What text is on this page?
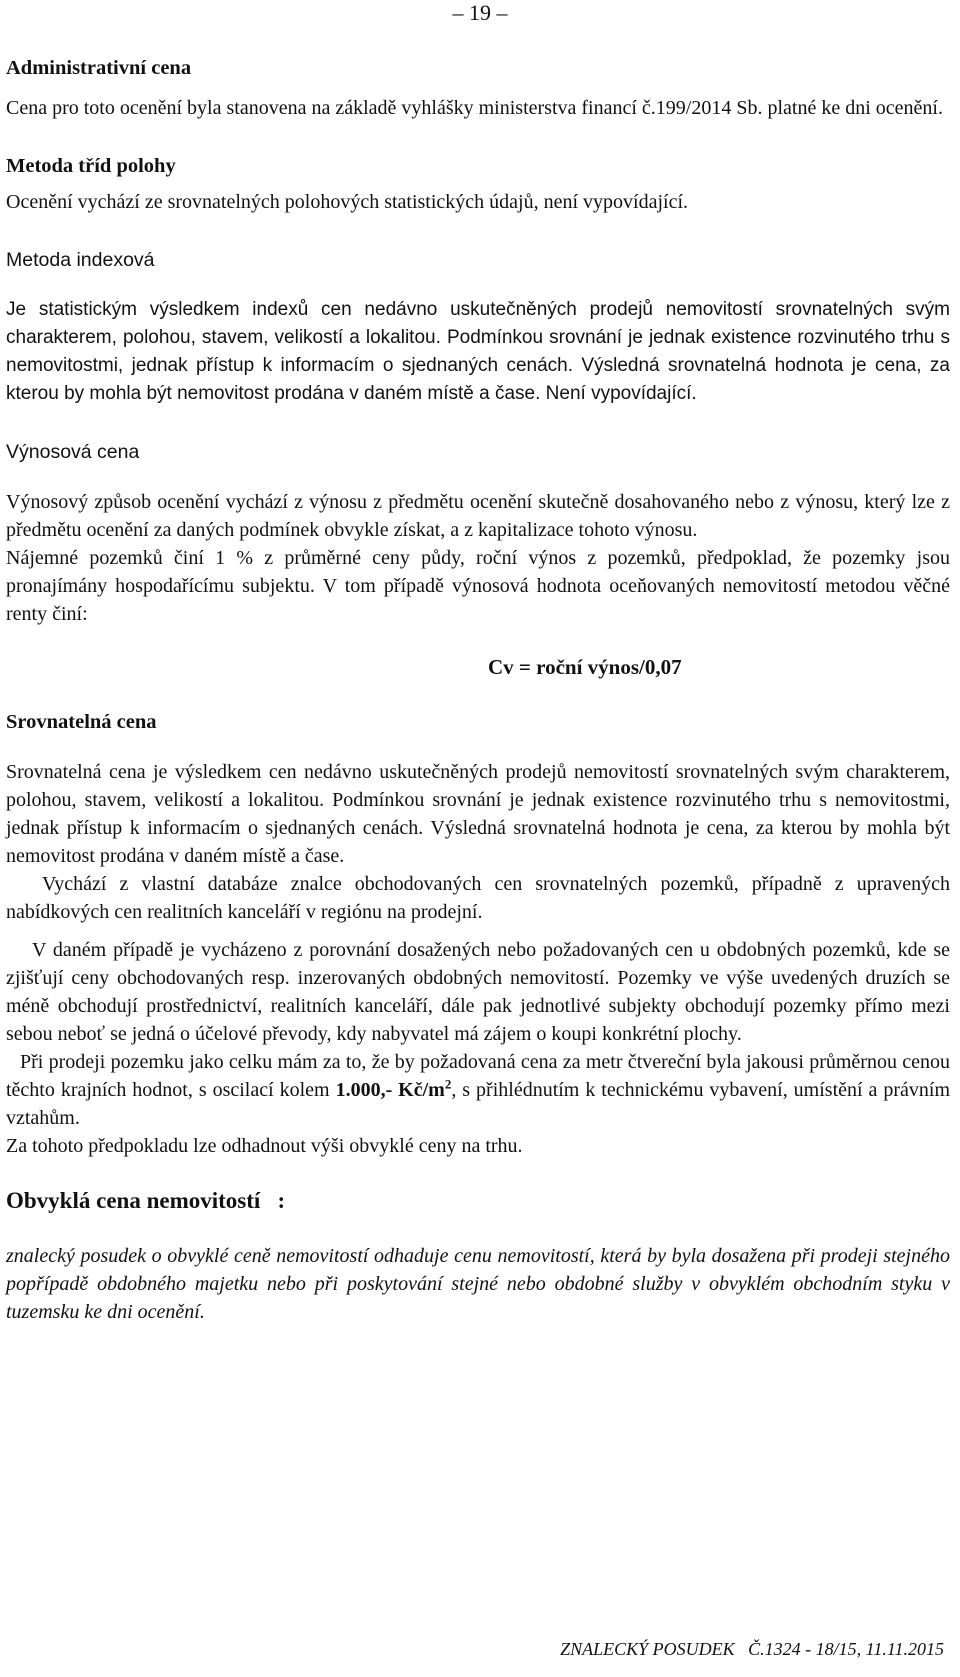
– 19 –
Administrativní cena

Cena pro toto ocenění byla stanovena na základě vyhlášky ministerstva financí č.199/2014 Sb. platné ke dni ocenění.

Metoda tříd polohy

Ocenění vychází ze srovnatelných polohových statistických údajů, není vypovídající.

Metoda indexová

Je statistickým výsledkem indexů cen nedávno uskutečněných prodejů nemovitostí srovnatelných svým charakterem, polohou, stavem, velikostí a lokalitou. Podmínkou srovnání je jednak existence rozvinutého trhu s nemovitostmi, jednak přístup k informacím o sjednaných cenách. Výsledná srovnatelná hodnota je cena, za kterou by mohla být nemovitost prodána v daném místě a čase. Není vypovídající.

Výnosová cena

Výnosový způsob ocenění vychází z výnosu z předmětu ocenění skutečně dosahovaného nebo z výnosu, který lze z předmětu ocenění za daných podmínek obvykle získat, a z kapitalizace tohoto výnosu.

Nájemné pozemků činí 1 % z průměrné ceny půdy, roční výnos z pozemků, předpoklad, že pozemky jsou pronajímány hospodařícímu subjektu. V tom případě výnosová hodnota oceňovaných nemovitostí metodou věčné renty činí:

Cv = roční výnos/0,07

Srovnatelná cena

Srovnatelná cena je výsledkem cen nedávno uskutečněných prodejů nemovitostí srovnatelných svým charakterem, polohou, stavem, velikostí a lokalitou. Podmínkou srovnání je jednak existence rozvinutého trhu s nemovitostmi, jednak přístup k informacím o sjednaných cenách. Výsledná srovnatelná hodnota je cena, za kterou by mohla být nemovitost prodána v daném místě a čase.

Vychází z vlastní databáze znalce obchodovaných cen srovnatelných pozemků, případně z upravených nabídkových cen realitních kanceláří v regiónu na prodejní.

V daném případě je vycházeno z porovnání dosažených nebo požadovaných cen u obdobných pozemků, kde se zjišťují ceny obchodovaných resp. inzerovaných obdobných nemovitostí. Pozemky ve výše uvedených druzích se méně obchodují prostřednictví, realitních kanceláří, dále pak jednotlivé subjekty obchodují pozemky přímo mezi sebou neboť se jedná o účelové převody, kdy nabyvatel má zájem o koupi konkrétní plochy.

Při prodeji pozemku jako celku mám za to, že by požadovaná cena za metr čtvereční byla jakousi průměrnou cenou těchto krajních hodnot, s oscilací kolem 1.000,- $Kč/m^2$, s přihlédnutím k technickému vybavení, umístění a právním vztahům.

Za tohoto předpokladu lze odhadnout výši obvyklé ceny na trhu.

Obvyklá cena nemovitostí   :

znalecký posudek o obvyklé ceně nemovitostí odhaduje cenu nemovitostí, která by byla dosažena při prodeji stejného popřípadě obdobného majetku nebo při poskytování stejné nebo obdobné služby v obvyklém obchodním styku v tuzemsku ke dni ocenění.

ZNALECKÝ POSUDEK   Č.1324 - 18/15, 11.11.2015
